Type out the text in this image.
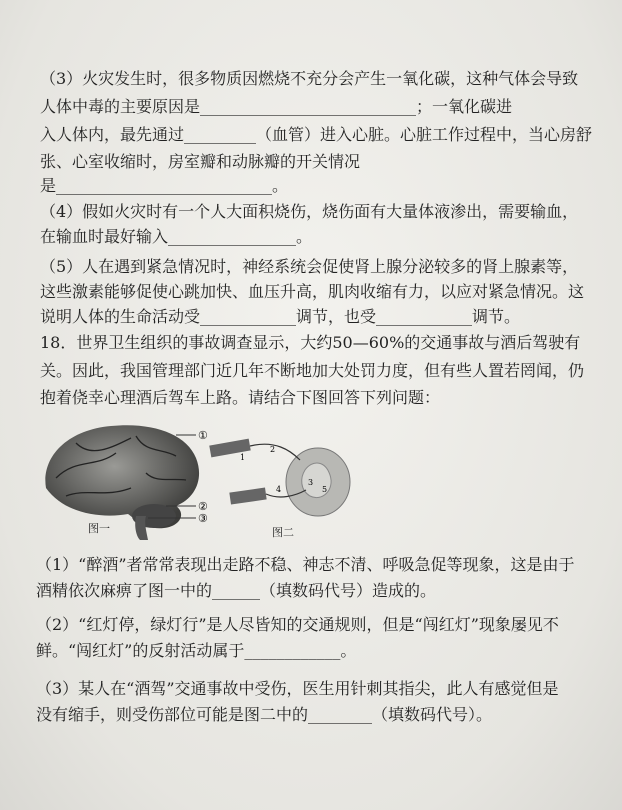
（3）火灾发生时，很多物质因燃烧不充分会产生一氧化碳，这种气体会导致
人体中毒的主要原因是___________________________；一氧化碳进
入人体内，最先通过_________（血管）进入心脏。心脏工作过程中，当心房舒
张、心室收缩时，房室瓣和动脉瓣的开关情况
是___________________________。
（4）假如火灾时有一个人大面积烧伤，烧伤面有大量体液渗出，需要输血，
在输血时最好输入________________。
（5）人在遇到紧急情况时，神经系统会促使肾上腺分泌较多的肾上腺素等，
这些激素能够促使心跳加快、血压升高，肌肉收缩有力，以应对紧急情况。这
说明人体的生命活动受____________调节，也受____________调节。
18．世界卫生组织的事故调查显示，大约50—60%的交通事故与酒后驾驶有
关。因此，我国管理部门近几年不断地加大处罚力度，但有些人置若罔闻，仍
抱着侥幸心理酒后驾车上路。请结合下图回答下列问题：
①
②
③
图一
1
2
3
4	5
图二
（1）“醉酒”者常常表现出走路不稳、神志不清、呼吸急促等现象，这是由于
酒精依次麻痹了图一中的______（填数码代号）造成的。
（2）“红灯停，绿灯行”是人尽皆知的交通规则，但是“闯红灯”现象屡见不
鲜。“闯红灯”的反射活动属于____________。
（3）某人在“酒驾”交通事故中受伤，医生用针刺其指尖，此人有感觉但是
没有缩手，则受伤部位可能是图二中的________（填数码代号）。
